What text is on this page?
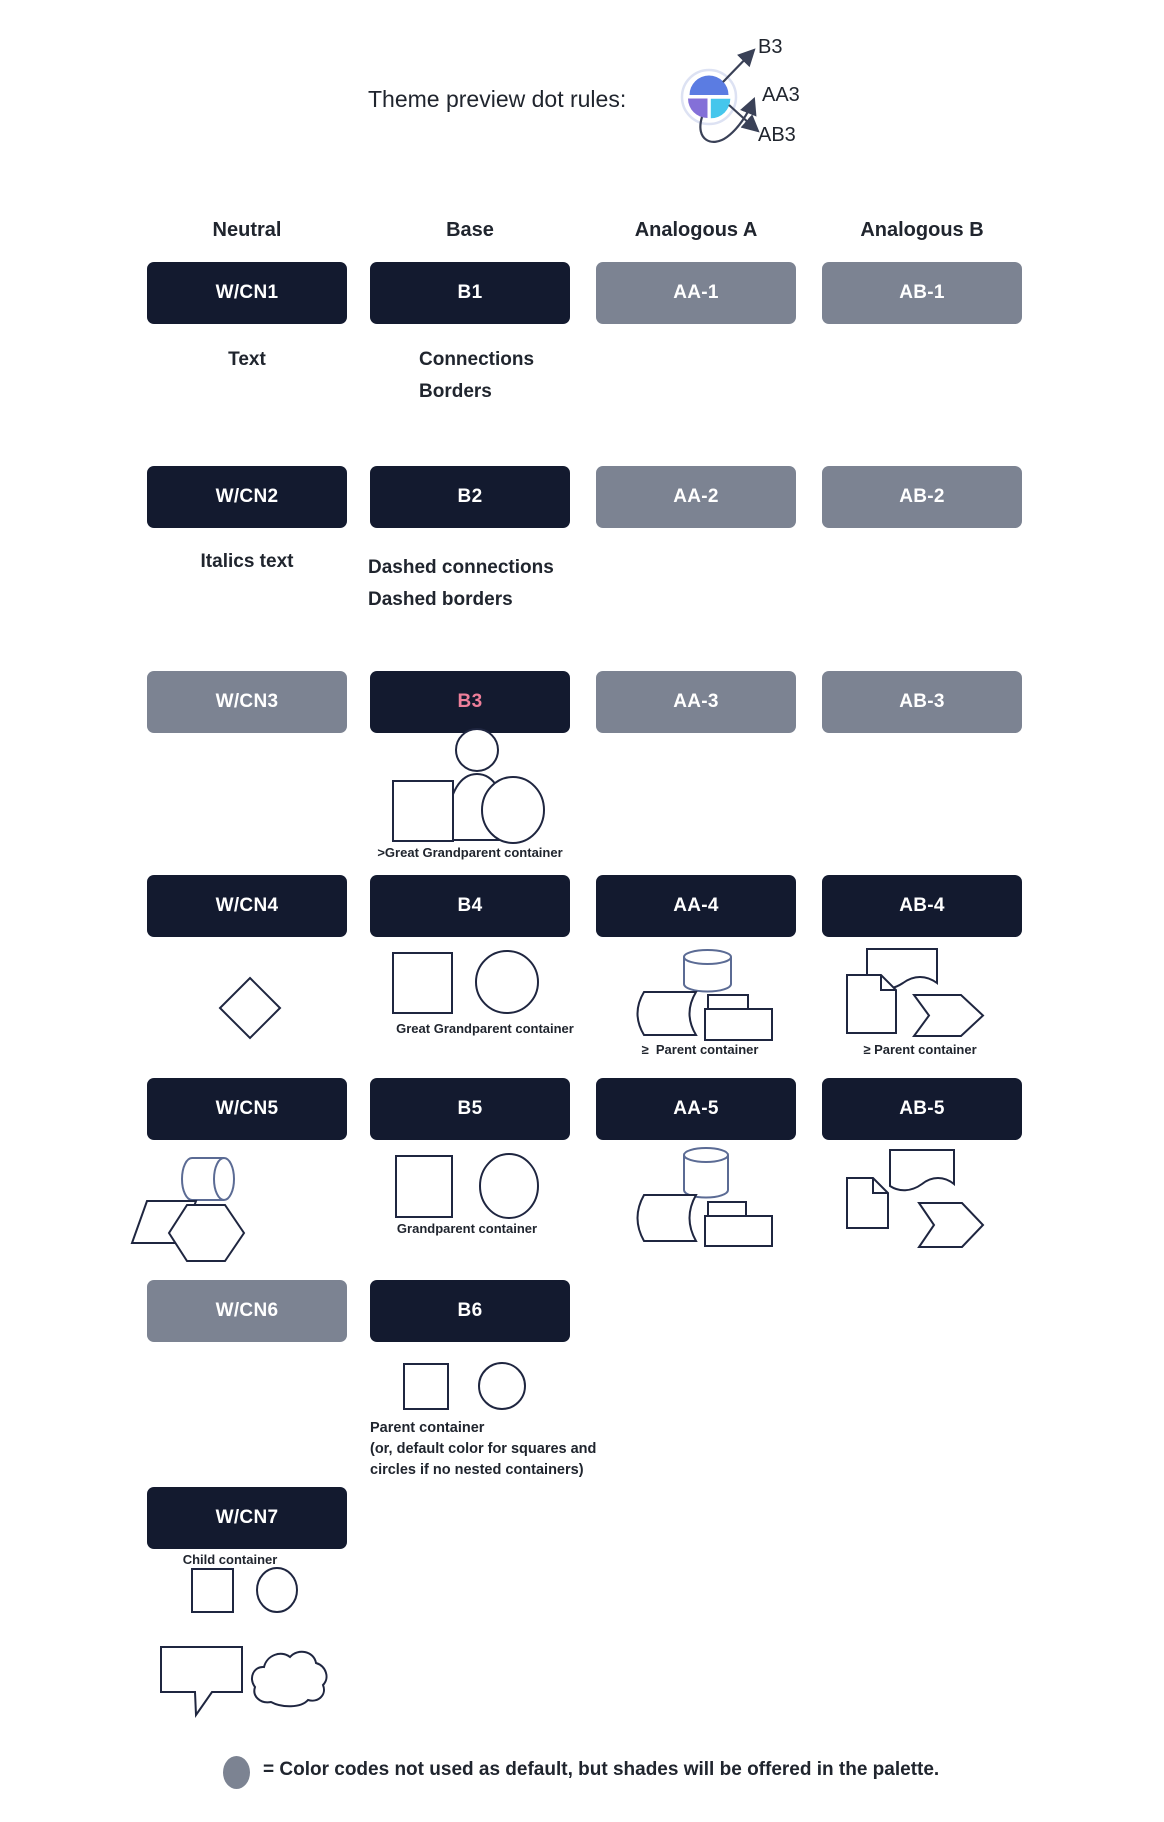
Theme preview dot rules:
B3
AA3
AB3
Neutral	Base	Analogous A	Analogous B
W/CN1	B1	AA-1	AB-1
Text	Connections
Borders
W/CN2	B2	AA-2	AB-2
Italics text	Dashed connections
Dashed borders
W/CN3	B3	AA-3	AB-3
>Great Grandparent container
W/CN4	B4	AA-4	AB-4
Great Grandparent container
≥  Parent container	≥ Parent container
W/CN5	B5	AA-5	AB-5
Grandparent container
W/CN6	B6
Parent container
(or, default color for squares and
circles if no nested containers)
W/CN7
Child container
= Color codes not used as default, but shades will be offered in the palette.
